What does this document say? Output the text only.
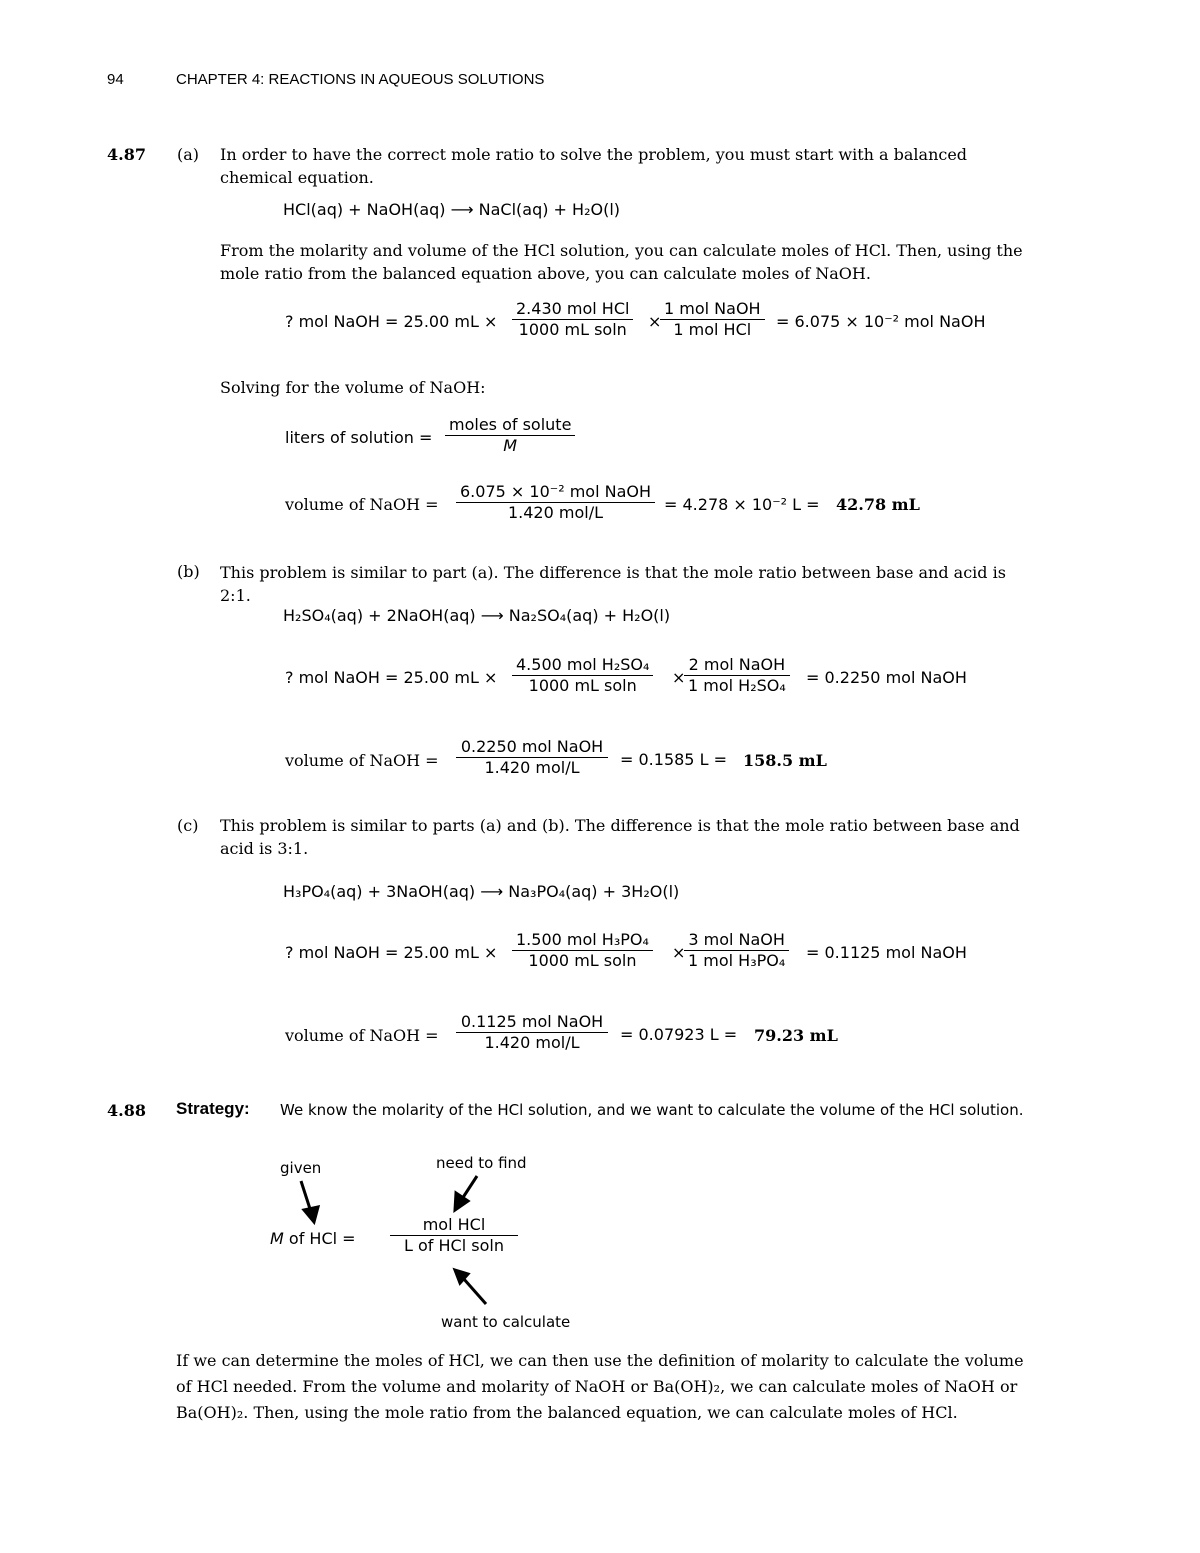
94	CHAPTER 4: REACTIONS IN AQUEOUS SOLUTIONS
4.87 (a) In order to have the correct mole ratio to solve the problem, you must start with a balanced chemical equation.
HCl(aq) + NaOH(aq) ⟶ NaCl(aq) + H₂O(l)
From the molarity and volume of the HCl solution, you can calculate moles of HCl. Then, using the mole ratio from the balanced equation above, you can calculate moles of NaOH.
? mol NaOH = 25.00 mL ×
2.430 mol HCl
1000 mL soln ×
1 mol NaOH
1 mol HCl = 6.075 × 10⁻² mol NaOH
Solving for the volume of NaOH:
liters of solution =
moles of solute
M
volume of NaOH =
6.075 × 10⁻² mol NaOH
1.420 mol/L	= 4.278 × 10⁻² L = 42.78 mL
(b) This problem is similar to part (a). The difference is that the mole ratio between base and acid is 2:1.
H₂SO₄(aq) + 2NaOH(aq) ⟶ Na₂SO₄(aq) + H₂O(l)
? mol NaOH = 25.00 mL ×
4.500 mol H₂SO₄
1000 mL soln ×
2 mol NaOH
1 mol H₂SO₄ = 0.2250 mol NaOH
volume of NaOH =
0.2250 mol NaOH
1.420 mol/L	= 0.1585 L = 158.5 mL
(c) This problem is similar to parts (a) and (b). The difference is that the mole ratio between base and acid is 3:1.
H₃PO₄(aq) + 3NaOH(aq) ⟶ Na₃PO₄(aq) + 3H₂O(l)
? mol NaOH = 25.00 mL ×
1.500 mol H₃PO₄
1000 mL soln ×
3 mol NaOH
1 mol H₃PO₄ = 0.1125 mol NaOH
volume of NaOH =
0.1125 mol NaOH
1.420 mol/L	= 0.07923 L = 79.23 mL
4.88 Strategy:	We know the molarity of the HCl solution, and we want to calculate the volume of the HCl solution.
given	need to find
M of HCl =
mol HCl
L of HCl soln
want to calculate
If we can determine the moles of HCl, we can then use the definition of molarity to calculate the volume of HCl needed. From the volume and molarity of NaOH or Ba(OH)₂, we can calculate moles of NaOH or Ba(OH)₂. Then, using the mole ratio from the balanced equation, we can calculate moles of HCl.
